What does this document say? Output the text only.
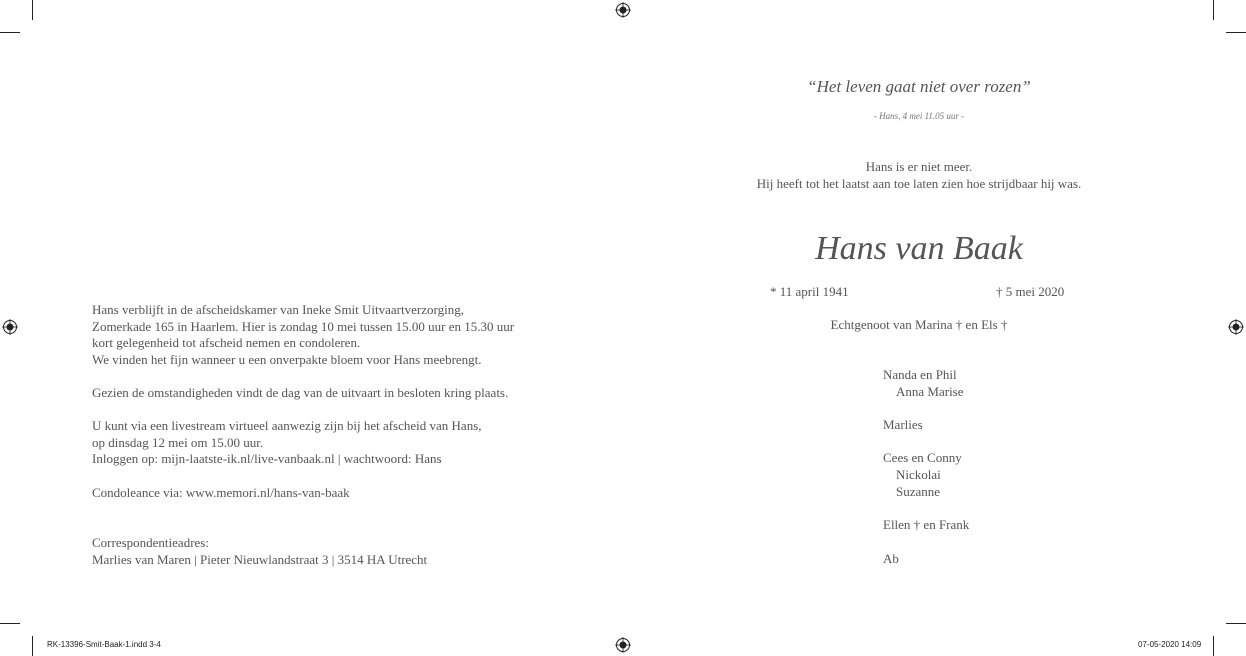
Hans verblijft in de afscheidskamer van Ineke Smit Uitvaartverzorging,
Zomerkade 165 in Haarlem. Hier is zondag 10 mei tussen 15.00 uur en 15.30 uur
kort gelegenheid tot afscheid nemen en condoleren.
We vinden het fijn wanneer u een onverpakte bloem voor Hans meebrengt.
Gezien de omstandigheden vindt de dag van de uitvaart in besloten kring plaats.
U kunt via een livestream virtueel aanwezig zijn bij het afscheid van Hans,
op dinsdag 12 mei om 15.00 uur.
Inloggen op: mijn-laatste-ik.nl/live-vanbaak.nl | wachtwoord: Hans
Condoleance via: www.memori.nl/hans-van-baak
Correspondentieadres:
Marlies van Maren | Pieter Nieuwlandstraat 3 | 3514 HA Utrecht
“Het leven gaat niet over rozen”
- Hans, 4 mei 11.05 uur -
Hans is er niet meer.
Hij heeft tot het laatst aan toe laten zien hoe strijdbaar hij was.
Hans van Baak
* 11 april 1941	† 5 mei 2020
Echtgenoot van Marina † en Els †
Nanda en Phil
Anna Marise
Marlies
Cees en Conny
Nickolai
Suzanne
Ellen † en Frank
Ab
RK-13396-Smit-Baak-1.indd 3-4	07-05-2020 14:09
